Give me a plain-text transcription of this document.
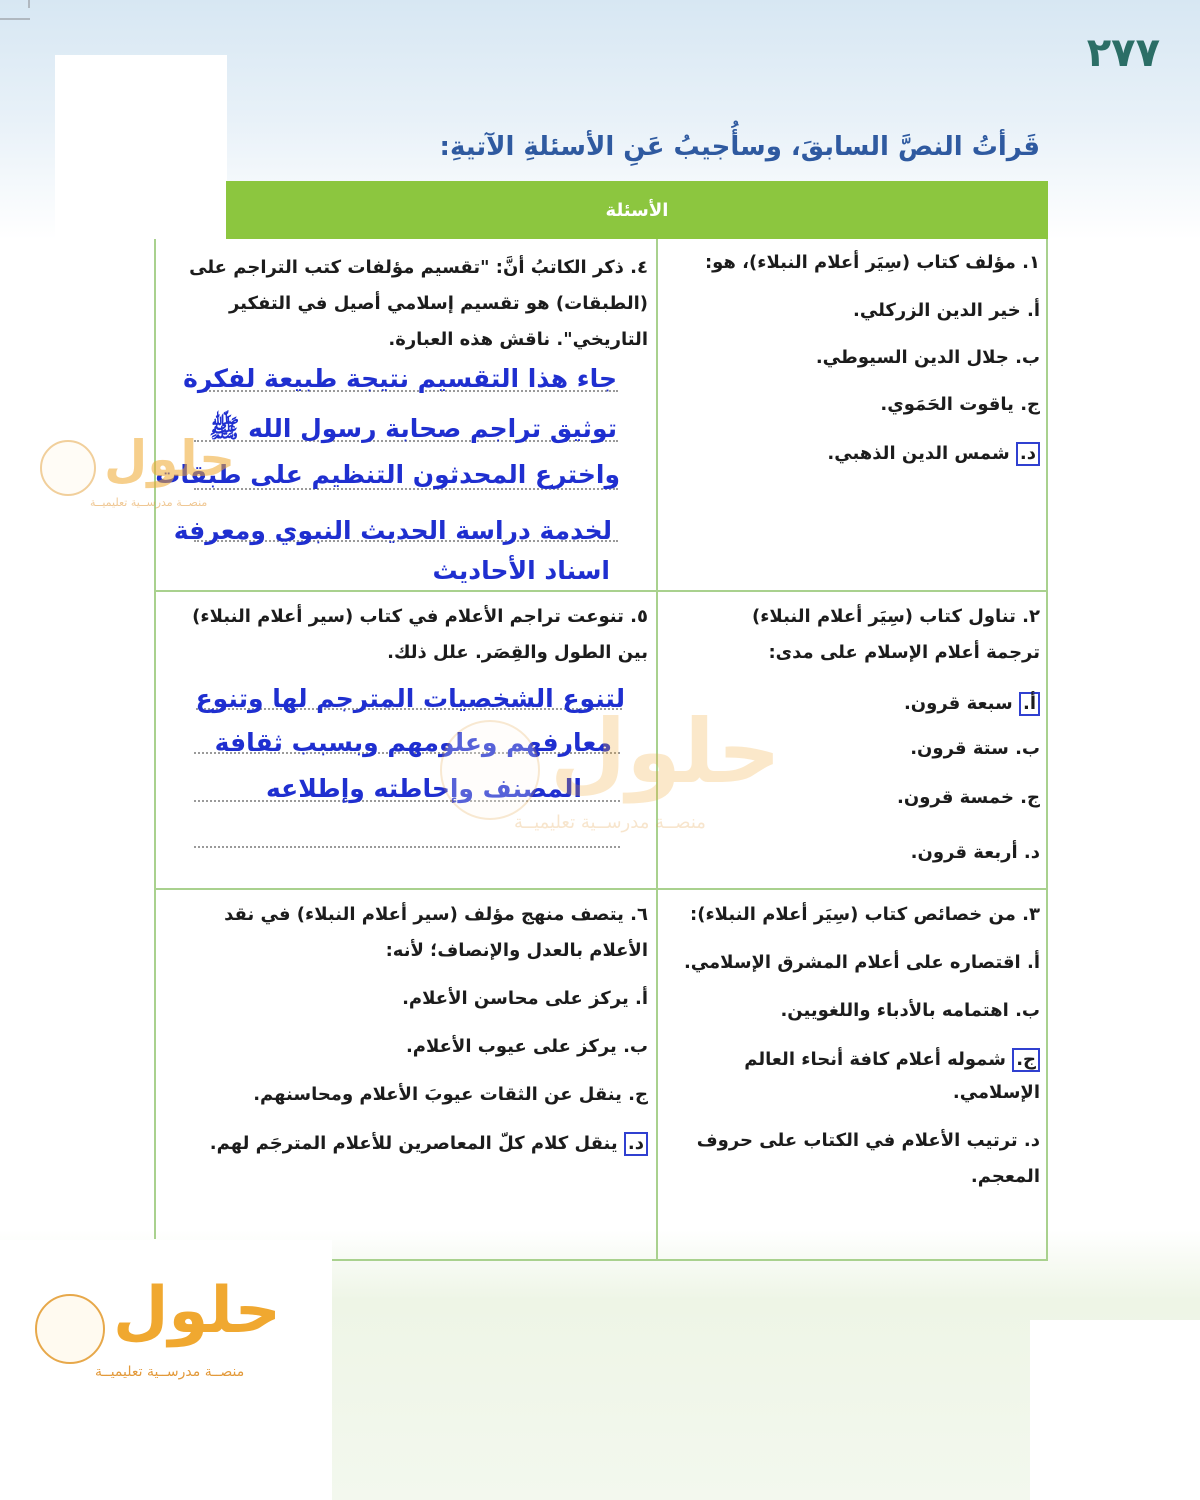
٢٧٧
قَرأتُ النصَّ السابقَ، وسأُجيبُ عَنِ الأسئلةِ الآتيةِ:
الأسئلة
١. مؤلف كتاب (سِيَر أعلام النبلاء)، هو:
أ. خير الدين الزركلي.
ب. جلال الدين السيوطي.
ج. ياقوت الحَمَوي.
د. شمس الدين الذهبي.
٤. ذكر الكاتبُ أنَّ: "تقسيم مؤلفات كتب التراجم على
(الطبقات) هو تقسيم إسلامي أصيل في التفكير
التاريخي". ناقش هذه العبارة.
جاء هذا التقسيم نتيجة طبيعة لفكرة
توثيق تراجم صحابة رسول الله ﷺ
واخترع المحدثون التنظيم على طبقات
لخدمة دراسة الحديث النبوي ومعرفة
اسناد الأحاديث
٢. تناول كتاب (سِيَر أعلام النبلاء)
ترجمة أعلام الإسلام على مدى:
أ. سبعة قرون.
ب. ستة قرون.
ج. خمسة قرون.
د. أربعة قرون.
٥. تنوعت تراجم الأعلام في كتاب (سير أعلام النبلاء)
بين الطول والقِصَر. علل ذلك.
لتنوع الشخصيات المترجم لها وتنوع
معارفهم وعلومهم وبسبب ثقافة
المصنف وإحاطته وإطلاعه
٣. من خصائص كتاب (سِيَر أعلام النبلاء):
أ. اقتصاره على أعلام المشرق الإسلامي.
ب. اهتمامه بالأدباء واللغويين.
ج. شموله أعلام كافة أنحاء العالم
الإسلامي.
د. ترتيب الأعلام في الكتاب على حروف
المعجم.
٦. يتصف منهج مؤلف (سير أعلام النبلاء) في نقد
الأعلام بالعدل والإنصاف؛ لأنه:
أ. يركز على محاسن الأعلام.
ب. يركز على عيوب الأعلام.
ج. ينقل عن الثقات عيوبَ الأعلام ومحاسنهم.
د. ينقل كلام كلّ المعاصرين للأعلام المترجَم لهم.
حلول
منصــة مدرســية تعليميــة
حلول
منصــة مدرســية تعليميــة
حلول
منصــة مدرســية تعليميــة
